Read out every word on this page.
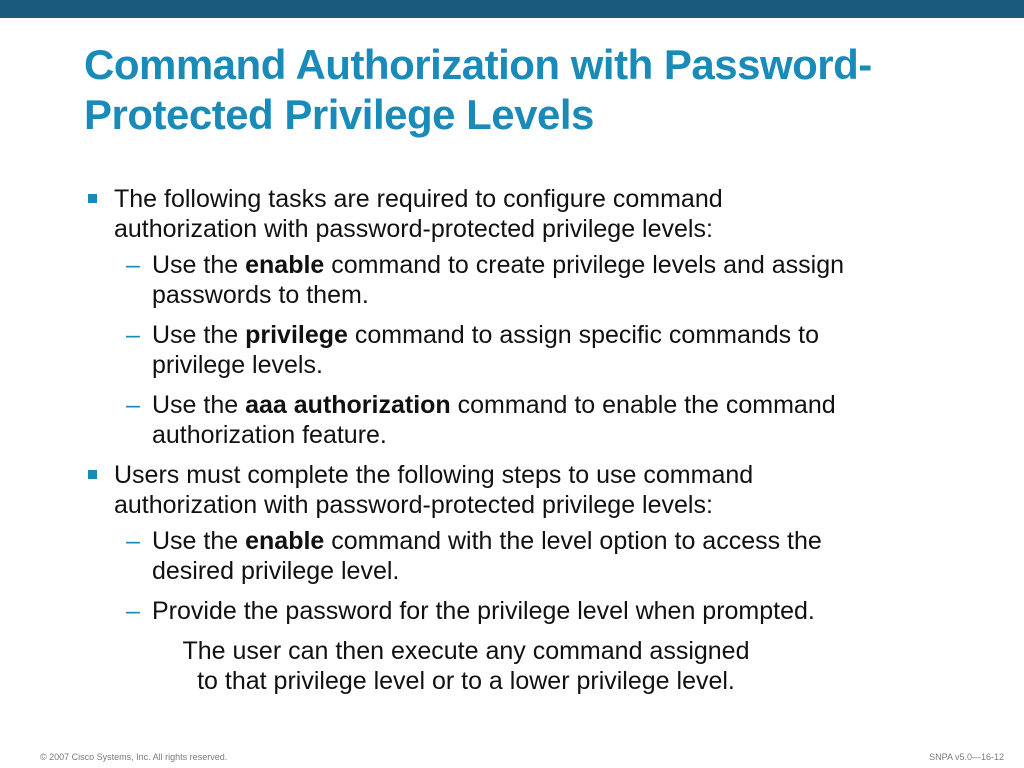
Command Authorization with Password-
Protected Privilege Levels
The following tasks are required to configure command
authorization with password-protected privilege levels:
– Use the enable command to create privilege levels and assign
passwords to them.
– Use the privilege command to assign specific commands to
privilege levels.
– Use the aaa authorization command to enable the command
authorization feature.
Users must complete the following steps to use command
authorization with password-protected privilege levels:
– Use the enable command with the level option to access the
desired privilege level.
– Provide the password for the privilege level when prompted.
The user can then execute any command assigned
to that privilege level or to a lower privilege level.
© 2007 Cisco Systems, Inc. All rights reserved.	SNPA v5.0—16-12
